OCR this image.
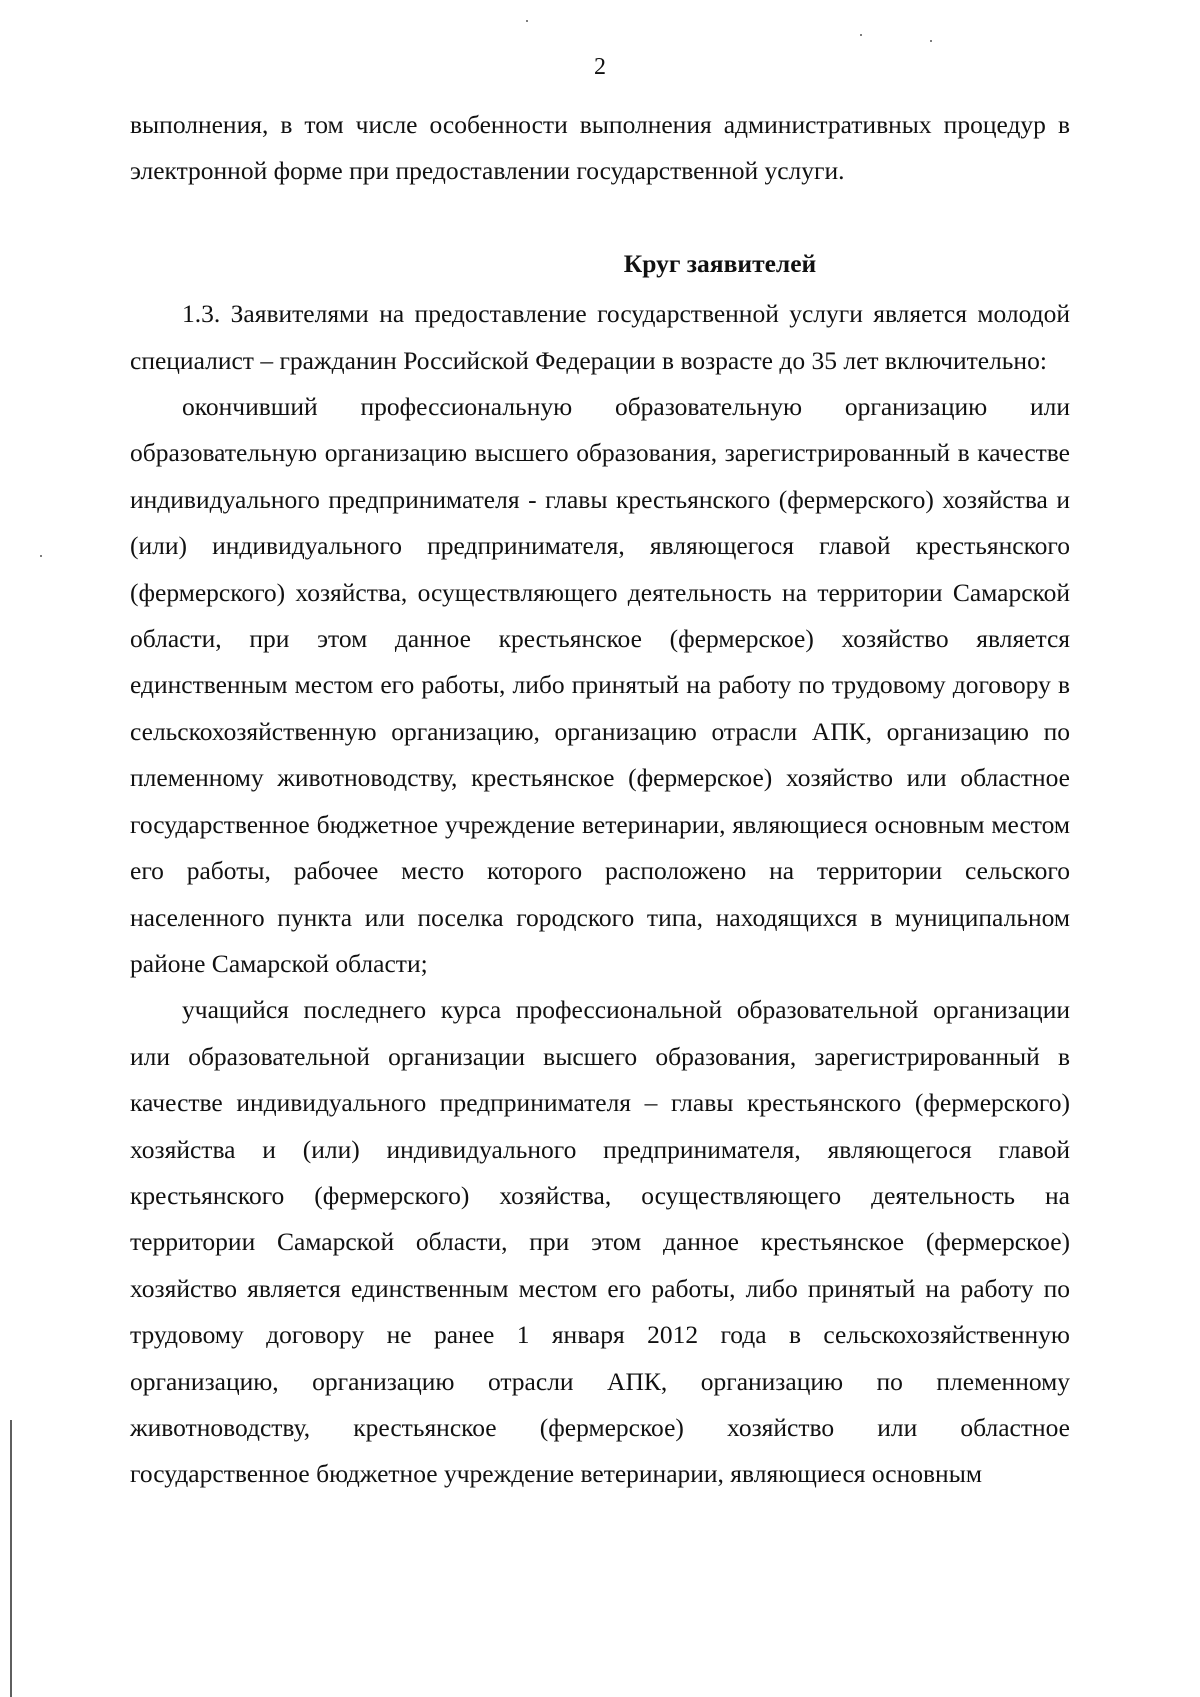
2

выполнения, в том числе особенности выполнения административных процедур в электронной форме при предоставлении государственной услуги.

Круг заявителей

1.3. Заявителями на предоставление государственной услуги является молодой специалист – гражданин Российской Федерации в возрасте до 35 лет включительно:

окончивший профессиональную образовательную организацию или образовательную организацию высшего образования, зарегистрированный в качестве индивидуального предпринимателя - главы крестьянского (фермерского) хозяйства и (или) индивидуального предпринимателя, являющегося главой крестьянского (фермерского) хозяйства, осуществляющего деятельность на территории Самарской области, при этом данное крестьянское (фермерское) хозяйство является единственным местом его работы, либо принятый на работу по трудовому договору в сельскохозяйственную организацию, организацию отрасли АПК, организацию по племенному животноводству, крестьянское (фермерское) хозяйство или областное государственное бюджетное учреждение ветеринарии, являющиеся основным местом его работы, рабочее место которого расположено на территории сельского населенного пункта или поселка городского типа, находящихся в муниципальном районе Самарской области;

учащийся последнего курса профессиональной образовательной организации или образовательной организации высшего образования, зарегистрированный в качестве индивидуального предпринимателя – главы крестьянского (фермерского) хозяйства и (или) индивидуального предпринимателя, являющегося главой крестьянского (фермерского) хозяйства, осуществляющего деятельность на территории Самарской области, при этом данное крестьянское (фермерское) хозяйство является единственным местом его работы, либо принятый на работу по трудовому договору не ранее 1 января 2012 года в сельскохозяйственную организацию, организацию отрасли АПК, организацию по племенному животноводству, крестьянское (фермерское) хозяйство или областное государственное бюджетное учреждение ветеринарии, являющиеся основным
